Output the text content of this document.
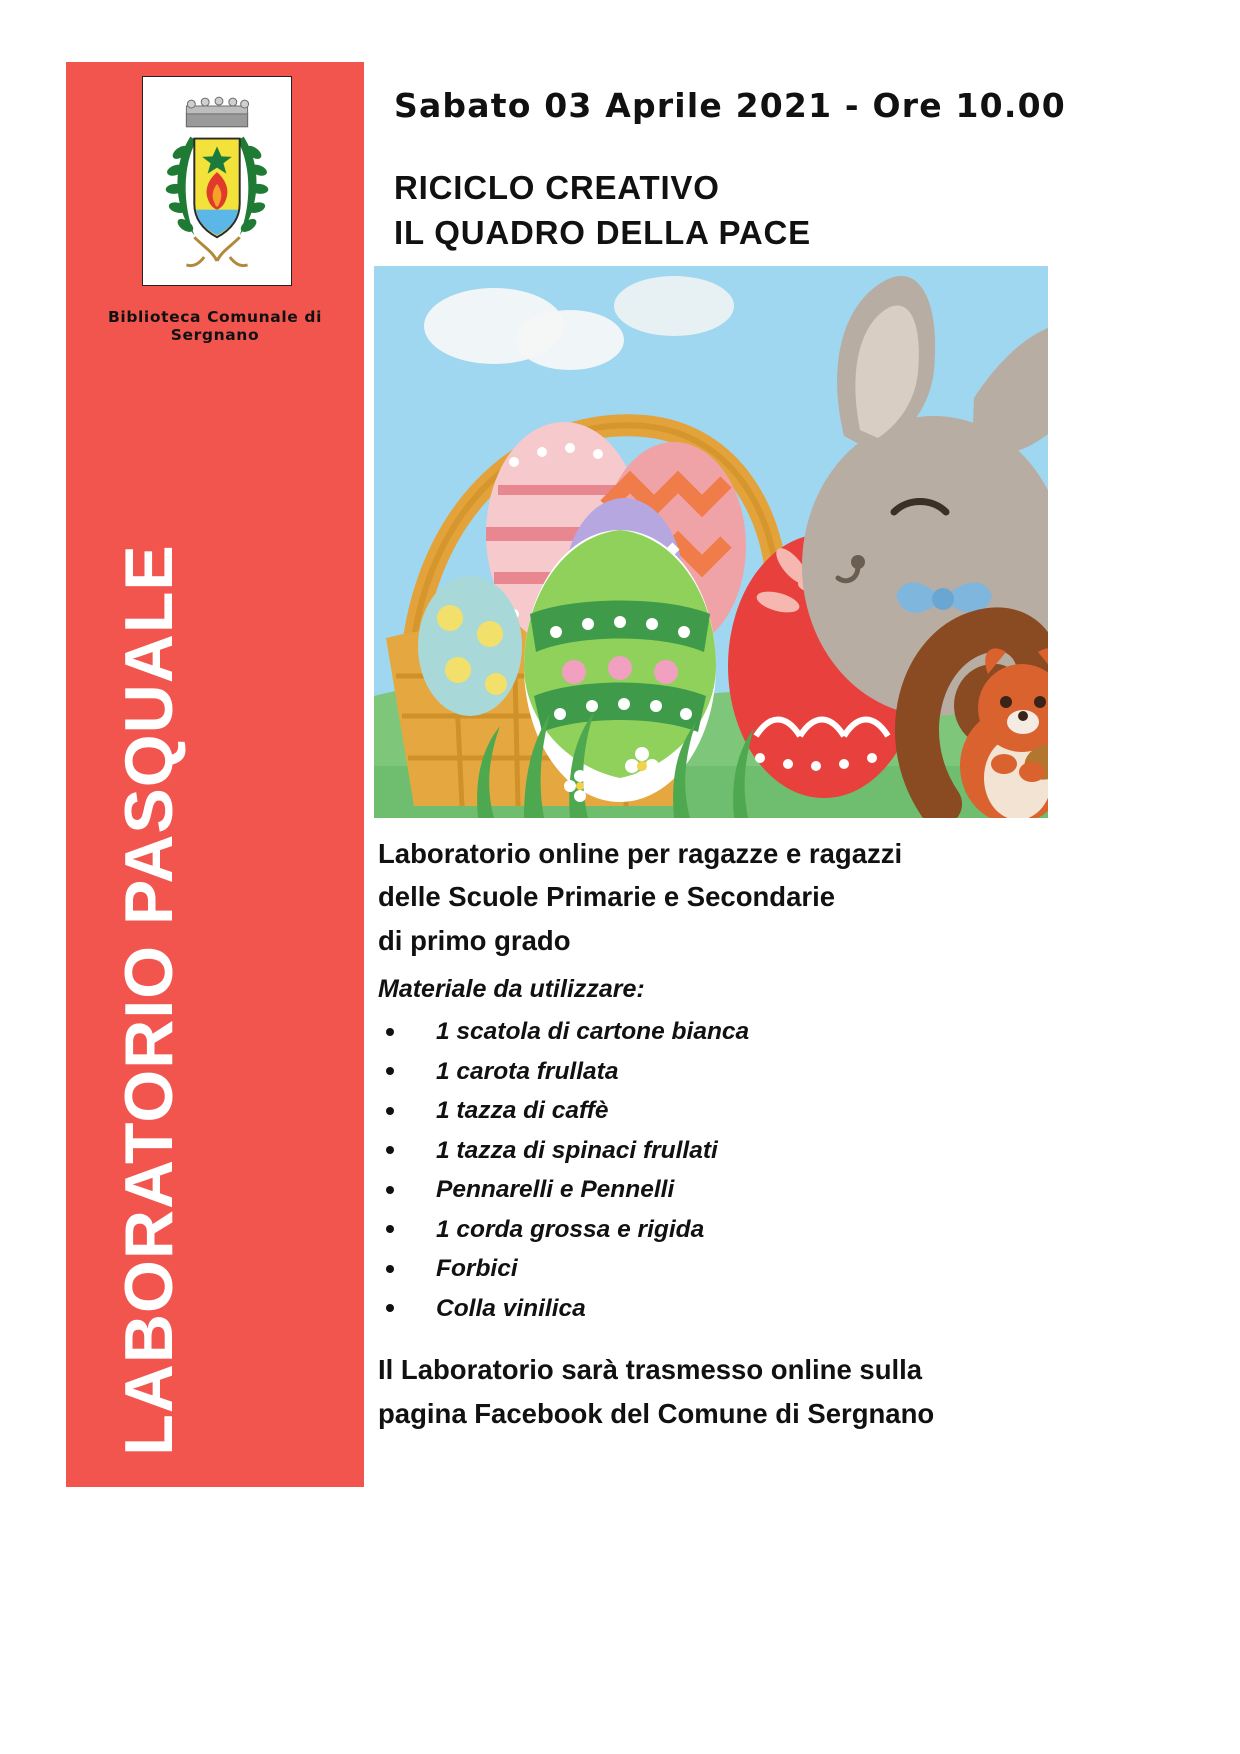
Biblioteca Comunale di Sergnano
LABORATORIO PASQUALE
Sabato 03 Aprile 2021 - Ore 10.00
RICICLO CREATIVO
IL QUADRO DELLA PACE
Laboratorio online per ragazze e ragazzi
delle Scuole Primarie e Secondarie
di primo grado
Materiale da utilizzare:
1 scatola di cartone bianca
1 carota frullata
1 tazza di caffè
1 tazza di spinaci frullati
Pennarelli e Pennelli
1 corda grossa e rigida
Forbici
Colla vinilica
Il Laboratorio sarà trasmesso online sulla
pagina Facebook del Comune di Sergnano
